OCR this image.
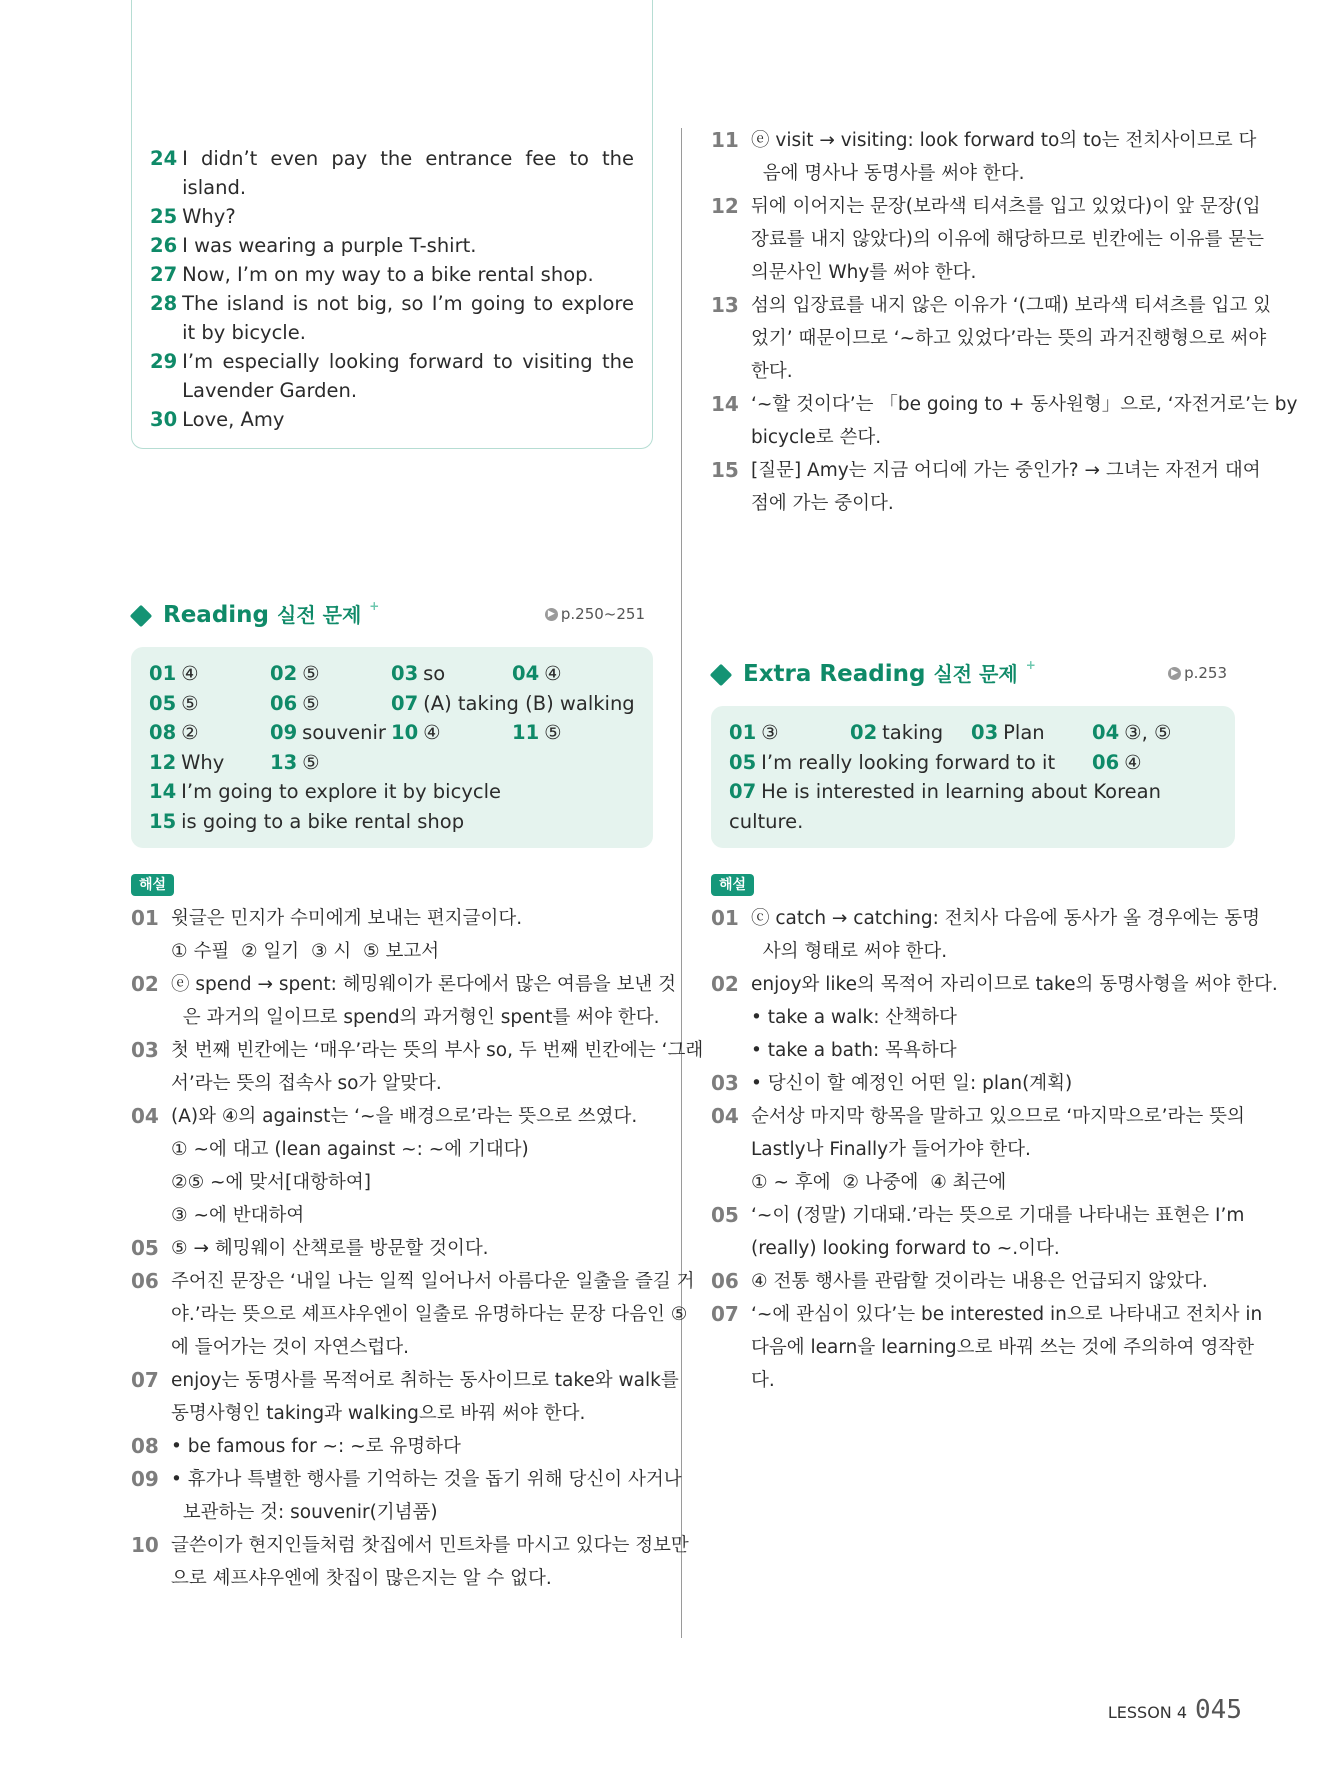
24 I didn’t even pay the entrance fee to the island.
25 Why?
26 I was wearing a purple T-shirt.
27 Now, I’m on my way to a bike rental shop.
28 The island is not big, so I’m going to explore it by bicycle.
29 I’m especially looking forward to visiting the Lavender Garden.
30 Love, Amy
Reading 실전 문제 +
▶ p.250~251
01 ④	02 ⑤	03 so	04 ④
05 ⑤	06 ⑤	07 (A) taking (B) walking
08 ②	09 souvenir 10 ④	11 ⑤
12 Why	13 ⑤
14 I’m going to explore it by bicycle
15 is going to a bike rental shop
해설
01 윗글은 민지가 수미에게 보내는 편지글이다.
① 수필  ② 일기  ③ 시  ⑤ 보고서
02 ⓔ spend → spent: 헤밍웨이가 론다에서 많은 여름을 보낸 것
은 과거의 일이므로 spend의 과거형인 spent를 써야 한다.
03 첫 번째 빈칸에는 ‘매우’라는 뜻의 부사 so, 두 번째 빈칸에는 ‘그래
서’라는 뜻의 접속사 so가 알맞다.
04 (A)와 ④의 against는 ‘~을 배경으로’라는 뜻으로 쓰였다.
① ~에 대고 (lean against ~: ~에 기대다)
②⑤ ~에 맞서[대항하여]
③ ~에 반대하여
05 ⑤ → 헤밍웨이 산책로를 방문할 것이다.
06 주어진 문장은 ‘내일 나는 일찍 일어나서 아름다운 일출을 즐길 거
야.’라는 뜻으로 셰프샤우엔이 일출로 유명하다는 문장 다음인 ⑤
에 들어가는 것이 자연스럽다.
07 enjoy는 동명사를 목적어로 취하는 동사이므로 take와 walk를
동명사형인 taking과 walking으로 바꿔 써야 한다.
08 • be famous for ~: ~로 유명하다
09 • 휴가나 특별한 행사를 기억하는 것을 돕기 위해 당신이 사거나
보관하는 것: souvenir(기념품)
10 글쓴이가 현지인들처럼 찻집에서 민트차를 마시고 있다는 정보만
으로 셰프샤우엔에 찻집이 많은지는 알 수 없다.
11 ⓔ visit → visiting: look forward to의 to는 전치사이므로 다
음에 명사나 동명사를 써야 한다.
12 뒤에 이어지는 문장(보라색 티셔츠를 입고 있었다)이 앞 문장(입
장료를 내지 않았다)의 이유에 해당하므로 빈칸에는 이유를 묻는
의문사인 Why를 써야 한다.
13 섬의 입장료를 내지 않은 이유가 ‘(그때) 보라색 티셔츠를 입고 있
었기’ 때문이므로 ‘~하고 있었다’라는 뜻의 과거진행형으로 써야
한다.
14 ‘~할 것이다’는 「be going to + 동사원형」으로, ‘자전거로’는 by
bicycle로 쓴다.
15 [질문] Amy는 지금 어디에 가는 중인가? → 그녀는 자전거 대여
점에 가는 중이다.
Extra Reading 실전 문제 +
▶ p.253
01 ③	02 taking	03 Plan	04 ③, ⑤
05 I’m really looking forward to it	06 ④
07 He is interested in learning about Korean culture.
해설
01 ⓒ catch → catching: 전치사 다음에 동사가 올 경우에는 동명
사의 형태로 써야 한다.
02 enjoy와 like의 목적어 자리이므로 take의 동명사형을 써야 한다.
• take a walk: 산책하다
• take a bath: 목욕하다
03 • 당신이 할 예정인 어떤 일: plan(계획)
04 순서상 마지막 항목을 말하고 있으므로 ‘마지막으로’라는 뜻의
Lastly나 Finally가 들어가야 한다.
① ~ 후에  ② 나중에  ④ 최근에
05 ‘~이 (정말) 기대돼.’라는 뜻으로 기대를 나타내는 표현은 I’m
(really) looking forward to ~.이다.
06 ④ 전통 행사를 관람할 것이라는 내용은 언급되지 않았다.
07 ‘~에 관심이 있다’는 be interested in으로 나타내고 전치사 in
다음에 learn을 learning으로 바꿔 쓰는 것에 주의하여 영작한
다.
LESSON 4 045
